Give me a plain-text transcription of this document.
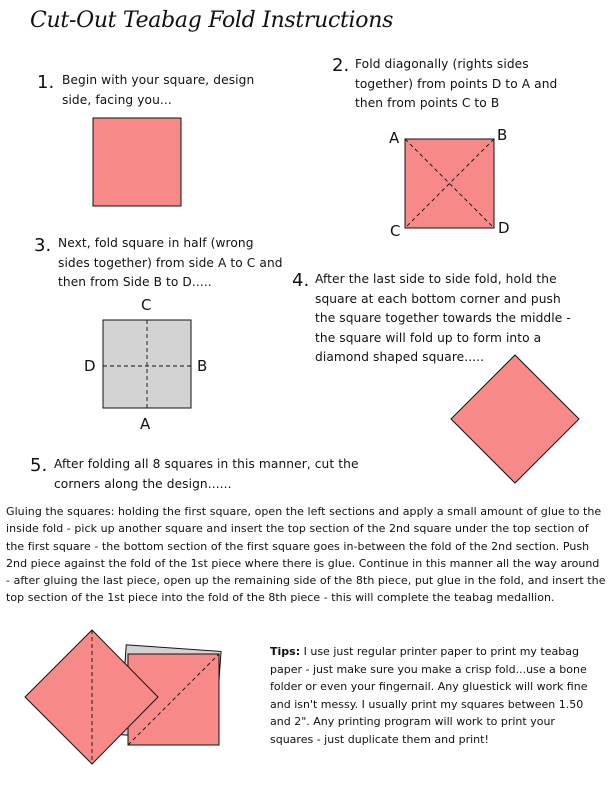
Cut-Out Teabag Fold Instructions
1. Begin with your square, design side, facing you...
2. Fold diagonally (rights sides together) from points D to A and then from points C to B
A	B
C	D
3. Next, fold square in half (wrong sides together) from side A to C and then from Side B to D.....
C
D	B
A
4. After the last side to side fold, hold the square at each bottom corner and push the square together towards the middle - the square will fold up to form into a diamond shaped square.....
5. After folding all 8 squares in this manner, cut the corners along the design......
Gluing the squares: holding the first square, open the left sections and apply a small amount of glue to the inside fold - pick up another square and insert the top section of the 2nd square under the top section of the first square - the bottom section of the first square goes in-between the fold of the 2nd section. Push 2nd piece against the fold of the 1st piece where there is glue. Continue in this manner all the way around - after gluing the last piece, open up the remaining side of the 8th piece, put glue in the fold, and insert the top section of the 1st piece into the fold of the 8th piece - this will complete the teabag medallion.
Tips: I use just regular printer paper to print my teabag paper - just make sure you make a crisp fold...use a bone folder or even your fingernail. Any gluestick will work fine and isn't messy. I usually print my squares between 1.50 and 2". Any printing program will work to print your squares - just duplicate them and print!
